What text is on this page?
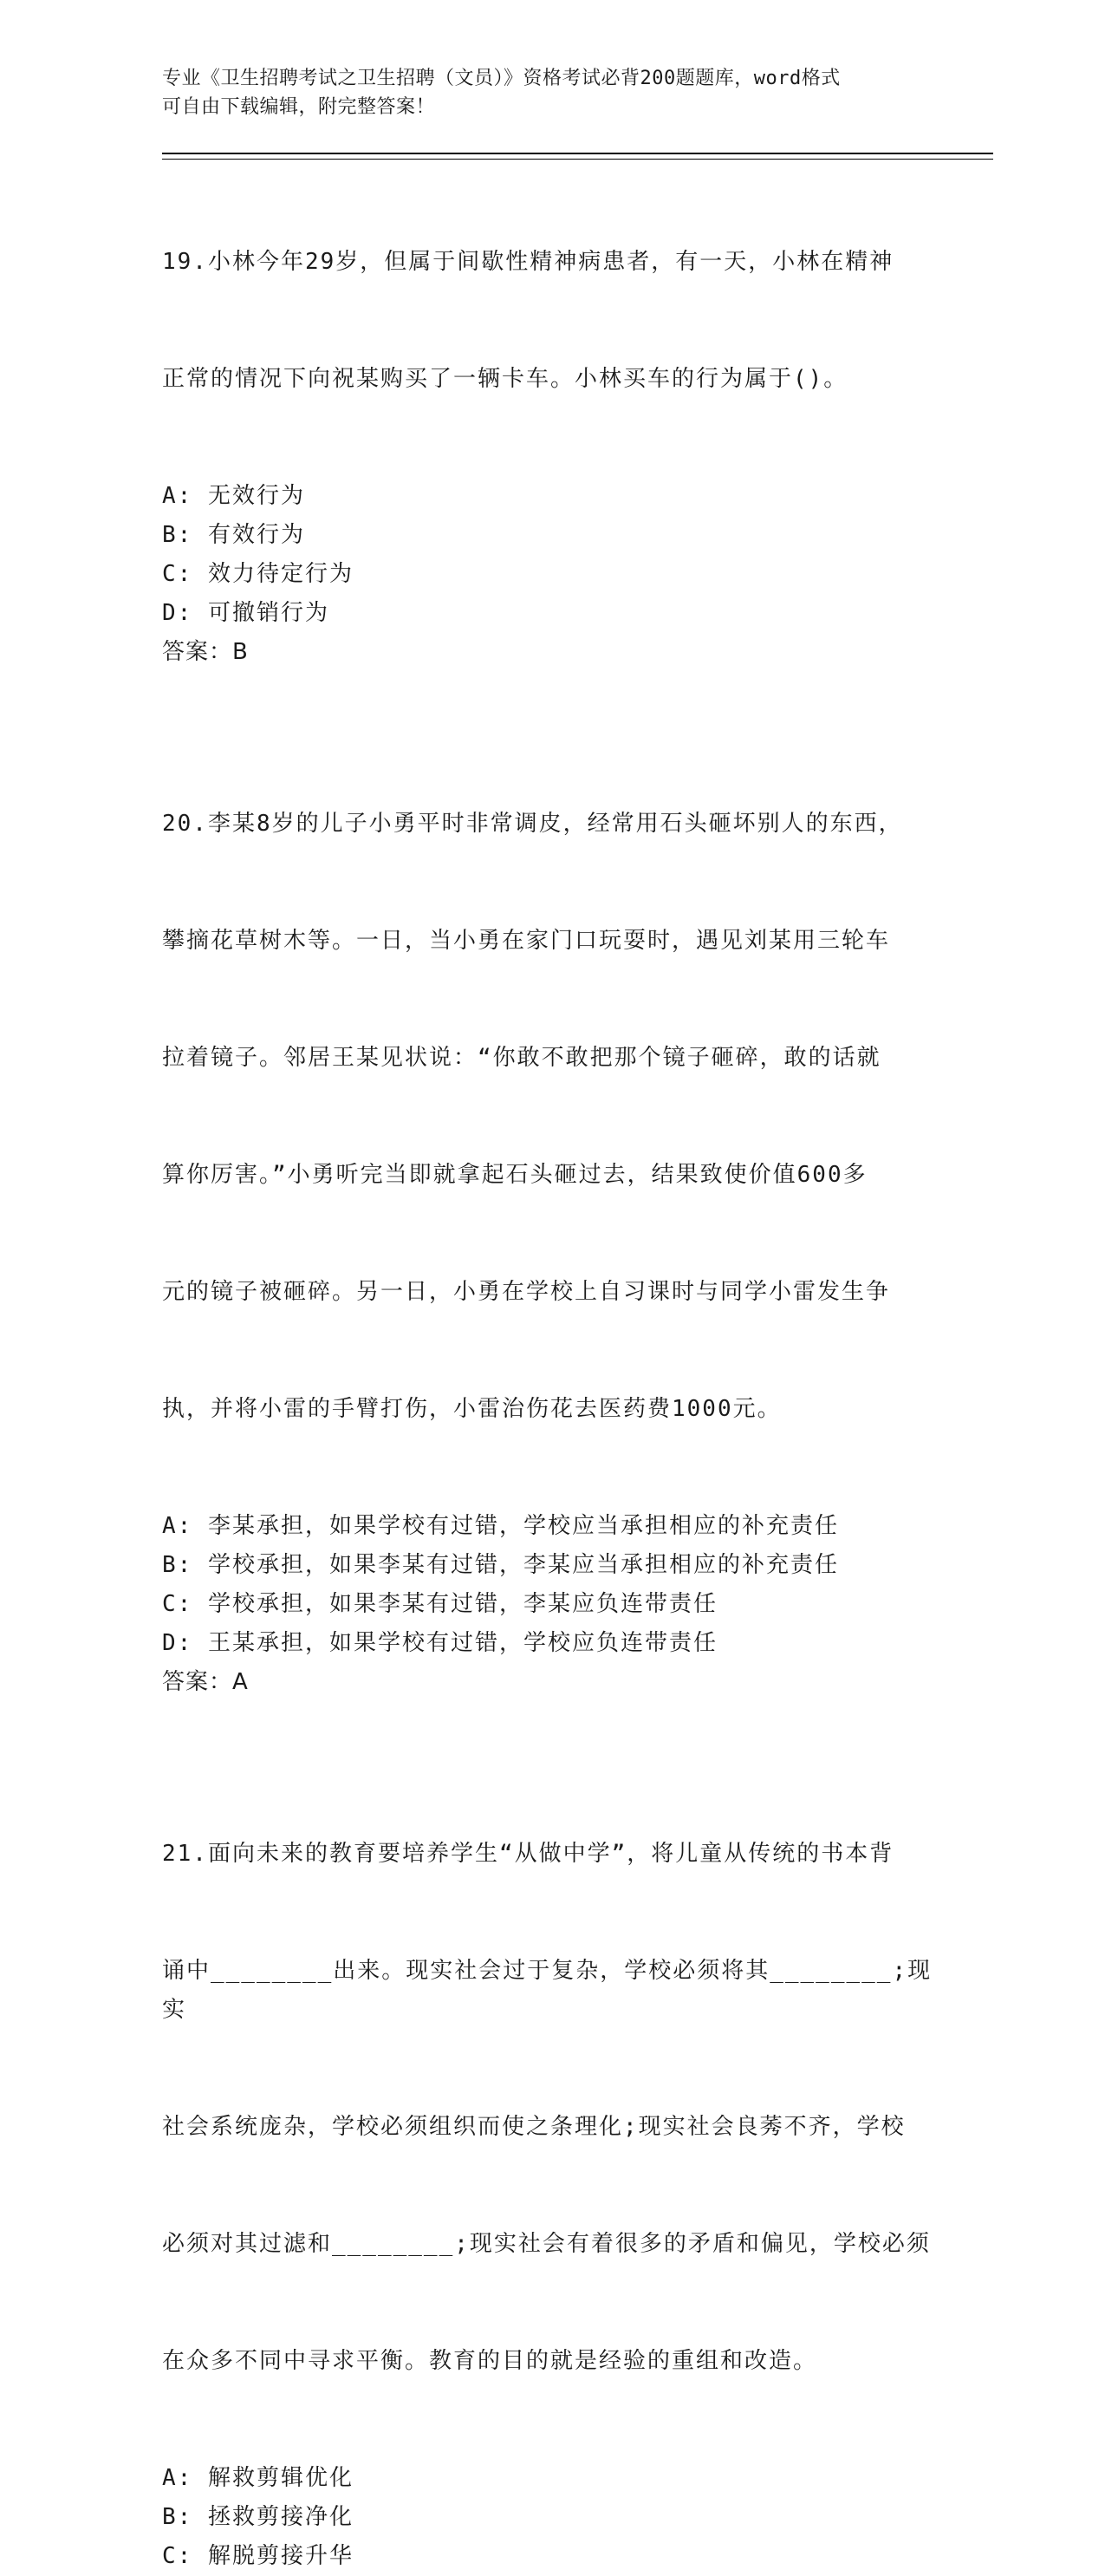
专业《卫生招聘考试之卫生招聘（文员）》资格考试必背200题题库，word格式
可自由下载编辑，附完整答案！

19.小林今年29岁，但属于间歇性精神病患者，有一天，小林在精神

正常的情况下向祝某购买了一辆卡车。小林买车的行为属于()。

A: 无效行为
B: 有效行为
C: 效力待定行为
D: 可撤销行为
答案：B

20.李某8岁的儿子小勇平时非常调皮，经常用石头砸坏别人的东西，

攀摘花草树木等。一日，当小勇在家门口玩耍时，遇见刘某用三轮车

拉着镜子。邻居王某见状说：“你敢不敢把那个镜子砸碎，敢的话就

算你厉害。”小勇听完当即就拿起石头砸过去，结果致使价值600多

元的镜子被砸碎。另一日，小勇在学校上自习课时与同学小雷发生争

执，并将小雷的手臂打伤，小雷治伤花去医药费1000元。

A: 李某承担，如果学校有过错，学校应当承担相应的补充责任
B: 学校承担，如果李某有过错，李某应当承担相应的补充责任
C: 学校承担，如果李某有过错，李某应负连带责任
D: 王某承担，如果学校有过错，学校应负连带责任
答案：A

21.面向未来的教育要培养学生“从做中学”，将儿童从传统的书本背

诵中________出来。现实社会过于复杂，学校必须将其________;现实

社会系统庞杂，学校必须组织而使之条理化;现实社会良莠不齐，学校

必须对其过滤和________;现实社会有着很多的矛盾和偏见，学校必须

在众多不同中寻求平衡。教育的目的就是经验的重组和改造。

A: 解救剪辑优化
B: 拯救剪接净化
C: 解脱剪接升华
